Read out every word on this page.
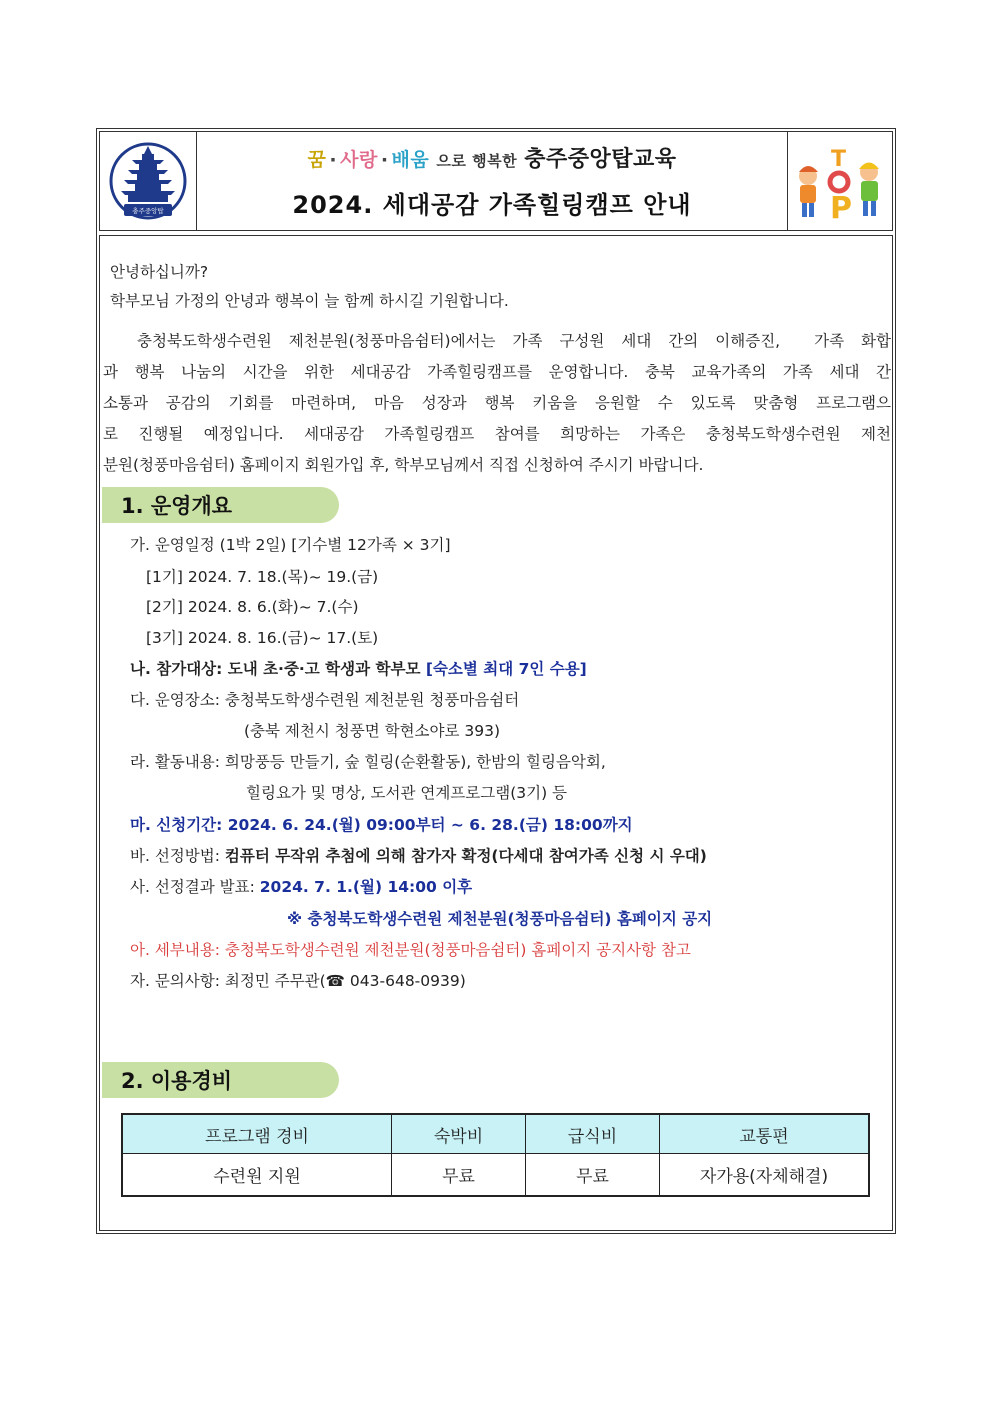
충주중앙탑
꿈 · 사랑 · 배움 으로 행복한 충주중앙탑교육
2024. 세대공감 가족힐링캠프 안내
T
P
안녕하십니까?
학부모님 가정의 안녕과 행복이 늘 함께 하시길 기원합니다.
충청북도학생수련원 제천분원(청풍마음쉼터)에서는 가족 구성원 세대 간의 이해증진,  가족 화합
과 행복 나눔의 시간을 위한 세대공감 가족힐링캠프를 운영합니다. 충북 교육가족의 가족 세대 간
소통과 공감의 기회를 마련하며, 마음 성장과 행복 키움을 응원할 수 있도록 맞춤형 프로그램으
로 진행될 예정입니다. 세대공감 가족힐링캠프 참여를 희망하는 가족은 충청북도학생수련원 제천
분원(청풍마음쉼터) 홈페이지 회원가입 후, 학부모님께서 직접 신청하여 주시기 바랍니다.
1. 운영개요
가. 운영일정 (1박 2일) [기수별 12가족 × 3기]
[1기] 2024. 7. 18.(목)~ 19.(금)
[2기] 2024. 8. 6.(화)~ 7.(수)
[3기] 2024. 8. 16.(금)~ 17.(토)
나. 참가대상: 도내 초·중·고 학생과 학부모 [숙소별 최대 7인 수용]
다. 운영장소: 충청북도학생수련원 제천분원 청풍마음쉼터
(충북 제천시 청풍면 학현소야로 393)
라. 활동내용: 희망풍등 만들기, 숲 힐링(순환활동), 한밤의 힐링음악회,
힐링요가 및 명상, 도서관 연계프로그램(3기) 등
마. 신청기간: 2024. 6. 24.(월) 09:00부터 ~ 6. 28.(금) 18:00까지
바. 선정방법: 컴퓨터 무작위 추첨에 의해 참가자 확정(다세대 참여가족 신청 시 우대)
사. 선정결과 발표: 2024. 7. 1.(월) 14:00 이후
※ 충청북도학생수련원 제천분원(청풍마음쉼터) 홈페이지 공지
아. 세부내용: 충청북도학생수련원 제천분원(청풍마음쉼터) 홈페이지 공지사항 참고
자. 문의사항: 최정민 주무관(☎ 043-648-0939)
2. 이용경비
프로그램 경비	숙박비	급식비	교통편
수련원 지원	무료	무료	자가용(자체해결)
